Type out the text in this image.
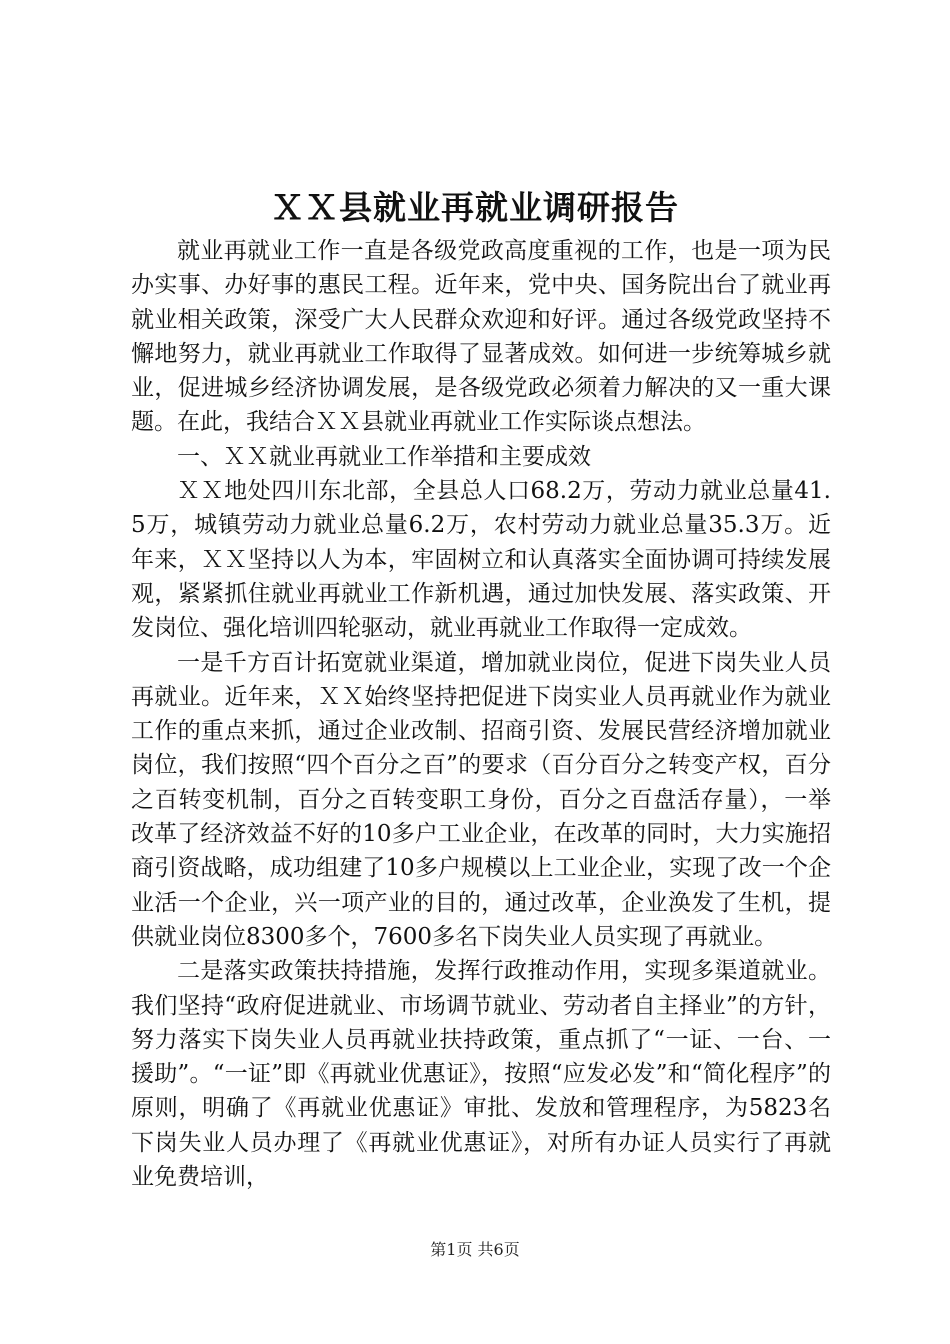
ＸＸ县就业再就业调研报告

就业再就业工作一直是各级党政高度重视的工作，也是一项为民办实事、办好事的惠民工程。近年来，党中央、国务院出台了就业再就业相关政策，深受广大人民群众欢迎和好评。通过各级党政坚持不懈地努力，就业再就业工作取得了显著成效。如何进一步统筹城乡就业，促进城乡经济协调发展，是各级党政必须着力解决的又一重大课题。在此，我结合ＸＸ县就业再就业工作实际谈点想法。

一、ＸＸ就业再就业工作举措和主要成效

ＸＸ地处四川东北部，全县总人口68.2万，劳动力就业总量41.5万，城镇劳动力就业总量6.2万，农村劳动力就业总量35.3万。近年来，ＸＸ坚持以人为本，牢固树立和认真落实全面协调可持续发展观，紧紧抓住就业再就业工作新机遇，通过加快发展、落实政策、开发岗位、强化培训四轮驱动，就业再就业工作取得一定成效。

一是千方百计拓宽就业渠道，增加就业岗位，促进下岗失业人员再就业。近年来，ＸＸ始终坚持把促进下岗实业人员再就业作为就业工作的重点来抓，通过企业改制、招商引资、发展民营经济增加就业岗位，我们按照“四个百分之百”的要求（百分百分之转变产权，百分之百转变机制，百分之百转变职工身份，百分之百盘活存量），一举改革了经济效益不好的10多户工业企业，在改革的同时，大力实施招商引资战略，成功组建了10多户规模以上工业企业，实现了改一个企业活一个企业，兴一项产业的目的，通过改革，企业涣发了生机，提供就业岗位8300多个，7600多名下岗失业人员实现了再就业。

二是落实政策扶持措施，发挥行政推动作用，实现多渠道就业。我们坚持“政府促进就业、市场调节就业、劳动者自主择业”的方针，努力落实下岗失业人员再就业扶持政策，重点抓了“一证、一台、一援助”。“一证”即《再就业优惠证》，按照“应发必发”和“简化程序”的原则，明确了《再就业优惠证》审批、发放和管理程序，为5823名下岗失业人员办理了《再就业优惠证》，对所有办证人员实行了再就业免费培训，

第1页 共6页
